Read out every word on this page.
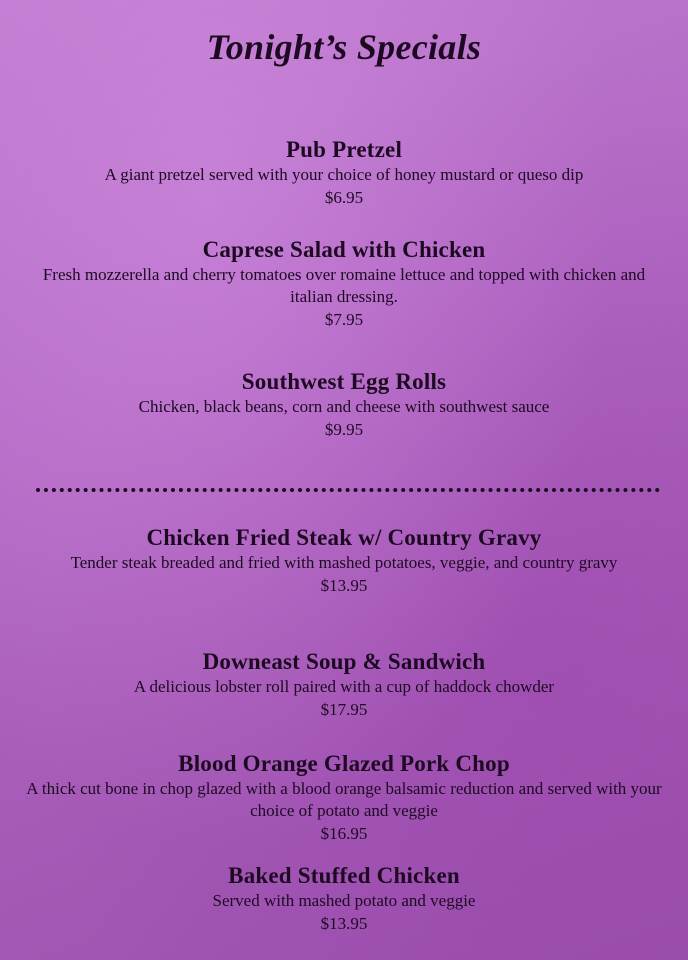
Tonight’s Specials

Pub Pretzel

A giant pretzel served with your choice of honey mustard or queso dip

$6.95

Caprese Salad with Chicken

Fresh mozzerella and cherry tomatoes over romaine lettuce and topped with chicken and italian dressing.

$7.95

Southwest Egg Rolls

Chicken, black beans, corn and cheese with southwest sauce

$9.95

Chicken Fried Steak w/ Country Gravy

Tender steak breaded and fried with mashed potatoes, veggie, and country gravy

$13.95

Downeast Soup & Sandwich

A delicious lobster roll paired with a cup of haddock chowder

$17.95

Blood Orange Glazed Pork Chop

A thick cut bone in chop glazed with a blood orange balsamic reduction and served with your choice of potato and veggie

$16.95

Baked Stuffed Chicken

Served with mashed potato and veggie

$13.95
